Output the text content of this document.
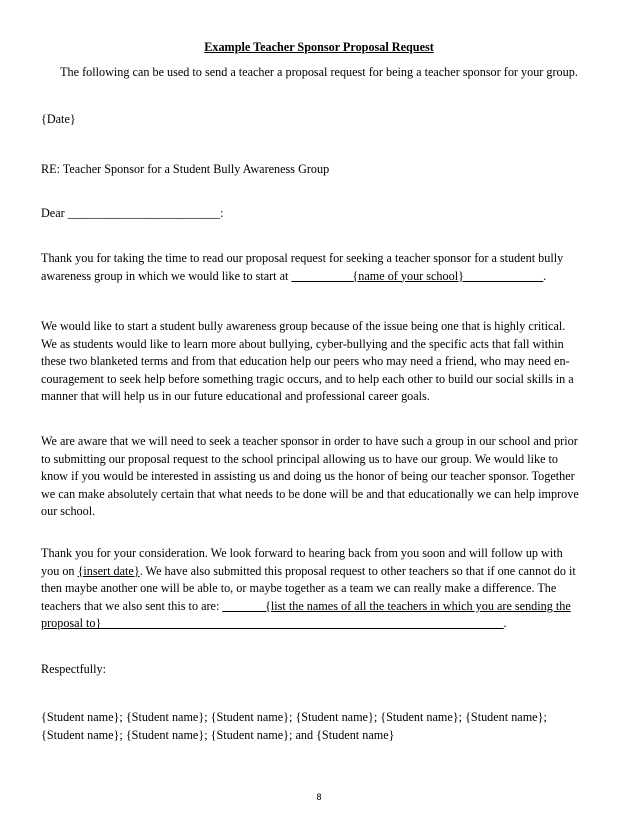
Example Teacher Sponsor Proposal Request
The following can be used to send a teacher a proposal request for being a teacher sponsor for your group.
{Date}
RE: Teacher Sponsor for a Student Bully Awareness Group
Dear _________________________:

Thank you for taking the time to read our proposal request for seeking a teacher sponsor for a student bully

awareness group in which we would like to start at __________{name of your school}_____________.

We would like to start a student bully awareness group because of the issue being one that is highly critical.

We as students would like to learn more about bullying, cyber-bullying and the specific acts that fall within

these two blanketed terms and from that education help our peers who may need a friend, who may need en-

couragement to seek help before something tragic occurs, and to help each other to build our social skills in a

manner that will help us in our future educational and professional career goals.

We are aware that we will need to seek a teacher sponsor in order to have such a group in our school and prior

to submitting our proposal request to the school principal allowing us to have our group. We would like to

know if you would be interested in assisting us and doing us the honor of being our teacher sponsor. Together

we can make absolutely certain that what needs to be done will be and that educationally we can help improve

our school.

Thank you for your consideration. We look forward to hearing back from you soon and will follow up with

you on {insert date}. We have also submitted this proposal request to other teachers so that if one cannot do it

then maybe another one will be able to, or maybe together as a team we can really make a difference. The

teachers that we also sent this to are: _______{list the names of all the teachers in which you are sending the

proposal to}__________________________________________________________________.

Respectfully:

{Student name}; {Student name}; {Student name}; {Student name}; {Student name}; {Student name};

{Student name}; {Student name}; {Student name}; and {Student name}

8
